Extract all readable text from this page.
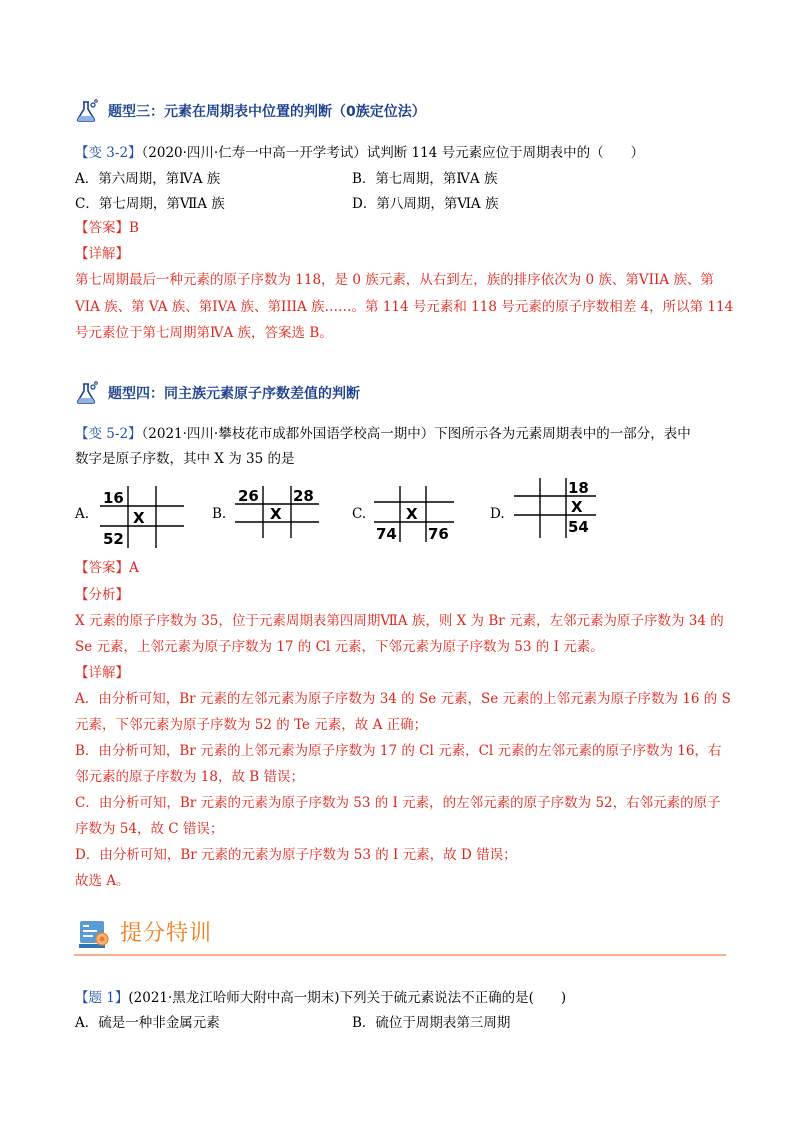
题型三：元素在周期表中位置的判断（0族定位法）
【变 3-2】（2020·四川·仁寿一中高一开学考试）试判断 114 号元素应位于周期表中的（　　）
A．第六周期，第ⅣA 族	B．第七周期，第ⅣA 族
C．第七周期，第ⅦA 族	D．第八周期，第ⅥA 族
【答案】B
【详解】
第七周期最后一种元素的原子序数为 118，是 0 族元素，从右到左，族的排序依次为 0 族、第VIIA 族、第
VIA 族、第 VA 族、第IVA 族、第IIIA 族……。第 114 号元素和 118 号元素的原子序数相差 4，所以第 114
号元素位于第七周期第ⅣA 族，答案选 B。
题型四：同主族元素原子序数差值的判断
【变 5-2】（2021·四川·攀枝花市成都外国语学校高一期中）下图所示各为元素周期表中的一部分，表中
数字是原子序数，其中 X 为 35 的是
A.
16
X
52
B.
26 28
X	C.	X
74 76
D.
18
X
54
【答案】A
【分析】
X 元素的原子序数为 35，位于元素周期表第四周期ⅦA 族，则 X 为 Br 元素，左邻元素为原子序数为 34 的
Se 元素，上邻元素为原子序数为 17 的 Cl 元素，下邻元素为原子序数为 53 的 I 元素。
【详解】
A．由分析可知，Br 元素的左邻元素为原子序数为 34 的 Se 元素，Se 元素的上邻元素为原子序数为 16 的 S
元素，下邻元素为原子序数为 52 的 Te 元素，故 A 正确；
B．由分析可知，Br 元素的上邻元素为原子序数为 17 的 Cl 元素，Cl 元素的左邻元素的原子序数为 16，右
邻元素的原子序数为 18，故 B 错误；
C．由分析可知，Br 元素的元素为原子序数为 53 的 I 元素，的左邻元素的原子序数为 52，右邻元素的原子
序数为 54，故 C 错误；
D．由分析可知，Br 元素的元素为原子序数为 53 的 I 元素，故 D 错误；
故选 A。
提分特训
【题 1】(2021·黑龙江哈师大附中高一期末)下列关于硫元素说法不正确的是(　　)
A．硫是一种非金属元素	B．硫位于周期表第三周期
